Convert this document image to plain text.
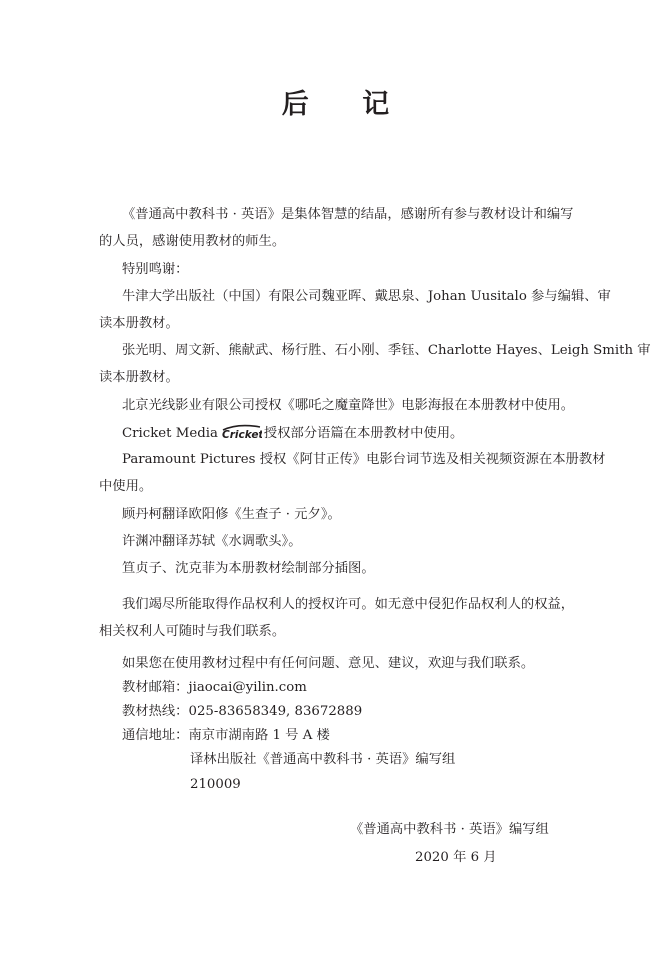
后 记
《普通高中教科书 · 英语》是集体智慧的结晶，感谢所有参与教材设计和编写
的人员，感谢使用教材的师生。
特别鸣谢：
牛津大学出版社（中国）有限公司魏亚晖、戴思泉、Johan Uusitalo 参与编辑、审
读本册教材。
张光明、周文新、熊献武、杨行胜、石小刚、季钰、Charlotte Hayes、Leigh Smith 审
读本册教材。
北京光线影业有限公司授权《哪吒之魔童降世》电影海报在本册教材中使用。
Cricket Media Cricket 授权部分语篇在本册教材中使用。
Paramount Pictures 授权《阿甘正传》电影台词节选及相关视频资源在本册教材
中使用。
顾丹柯翻译欧阳修《生查子 · 元夕》。
许渊冲翻译苏轼《水调歌头》。
笪贞子、沈克菲为本册教材绘制部分插图。
我们竭尽所能取得作品权利人的授权许可。如无意中侵犯作品权利人的权益，
相关权利人可随时与我们联系。
如果您在使用教材过程中有任何问题、意见、建议，欢迎与我们联系。
教材邮箱：jiaocai@yilin.com
教材热线：025-83658349, 83672889
通信地址：南京市湖南路 1 号 A 楼
译林出版社《普通高中教科书 · 英语》编写组
210009
《普通高中教科书 · 英语》编写组
2020 年 6 月
